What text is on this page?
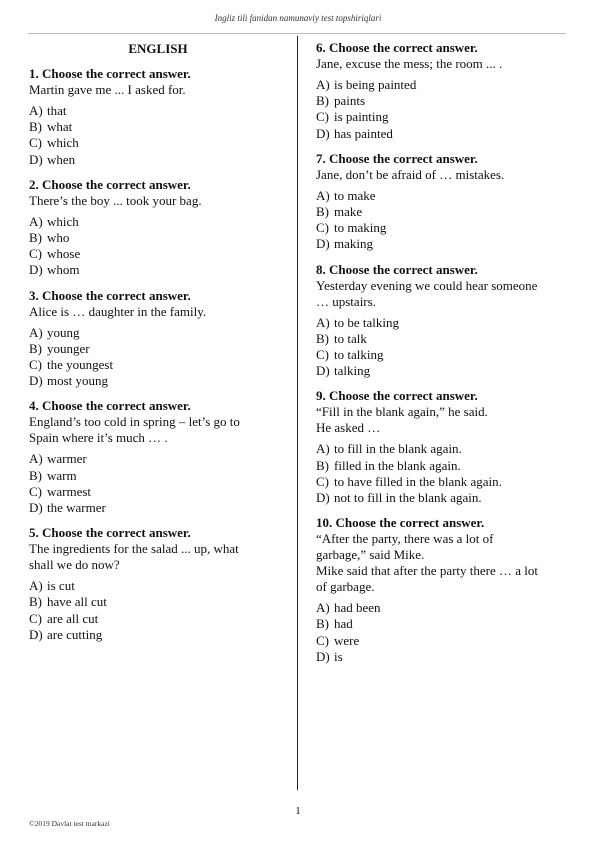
Ingliz tili fanidan namunaviy test topshiriqlari
ENGLISH
1. Choose the correct answer.
Martin gave me ... I asked for.
A) that
B) what
C) which
D) when
2. Choose the correct answer.
There’s the boy ... took your bag.
A) which
B) who
C) whose
D) whom
3. Choose the correct answer.
Alice is … daughter in the family.
A) young
B) younger
C) the youngest
D) most young
4. Choose the correct answer.
England’s too cold in spring – let’s go to
Spain where it’s much … .
A) warmer
B) warm
C) warmest
D) the warmer
5. Choose the correct answer.
The ingredients for the salad ... up, what
shall we do now?
A) is cut
B) have all cut
C) are all cut
D) are cutting
6. Choose the correct answer.
Jane, excuse the mess; the room ... .
A) is being painted
B) paints
C) is painting
D) has painted
7. Choose the correct answer.
Jane, don’t be afraid of … mistakes.
A) to make
B) make
C) to making
D) making
8. Choose the correct answer.
Yesterday evening we could hear someone
… upstairs.
A) to be talking
B) to talk
C) to talking
D) talking
9. Choose the correct answer.
“Fill in the blank again,” he said.
He asked …
A) to fill in the blank again.
B) filled in the blank again.
C) to have filled in the blank again.
D) not to fill in the blank again.
10. Choose the correct answer.
“After the party, there was a lot of
garbage,” said Mike.
Mike said that after the party there … a lot
of garbage.
A) had been
B) had
C) were
D) is
1
©2019 Davlat test markazi
